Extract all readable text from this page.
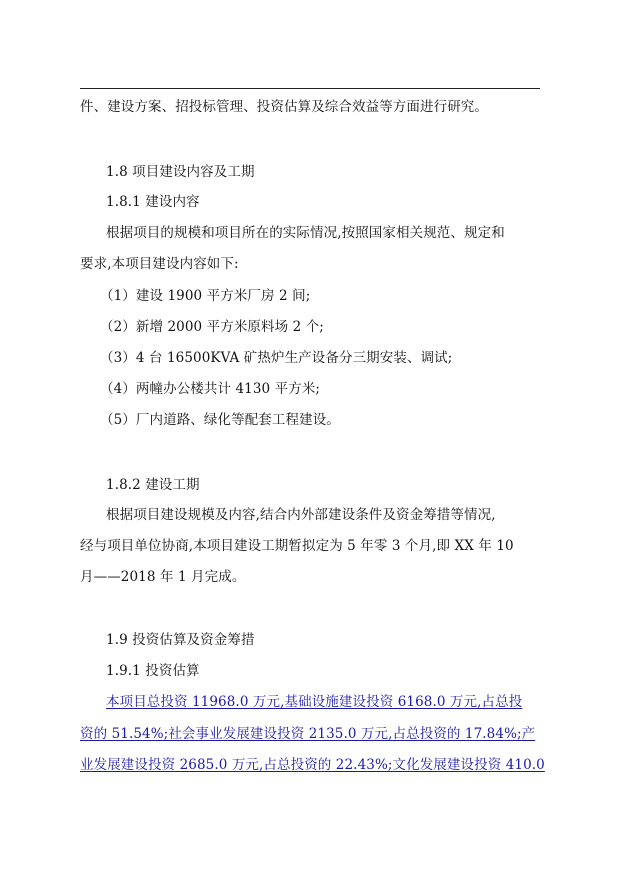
件、建设方案、招投标管理、投资估算及综合效益等方面进行研究。
1.8 项目建设内容及工期
1.8.1 建设内容
根据项目的规模和项目所在的实际情况,按照国家相关规范、规定和
要求,本项目建设内容如下:
（1）建设 1900 平方米厂房 2 间;
（2）新增 2000 平方米原料场 2 个;
（3）4 台 16500KVA 矿热炉生产设备分三期安装、调试;
（4）两幢办公楼共计 4130 平方米;
（5）厂内道路、绿化等配套工程建设。
1.8.2 建设工期
根据项目建设规模及内容,结合内外部建设条件及资金筹措等情况,
经与项目单位协商,本项目建设工期暂拟定为 5 年零 3 个月,即 XX 年 10
月——2018 年 1 月完成。
1.9 投资估算及资金筹措
1.9.1 投资估算
本项目总投资 11968.0 万元,基础设施建设投资 6168.0 万元,占总投
资的 51.54%;社会事业发展建设投资 2135.0 万元,占总投资的 17.84%;产
业发展建设投资 2685.0 万元,占总投资的 22.43%;文化发展建设投资 410.0
